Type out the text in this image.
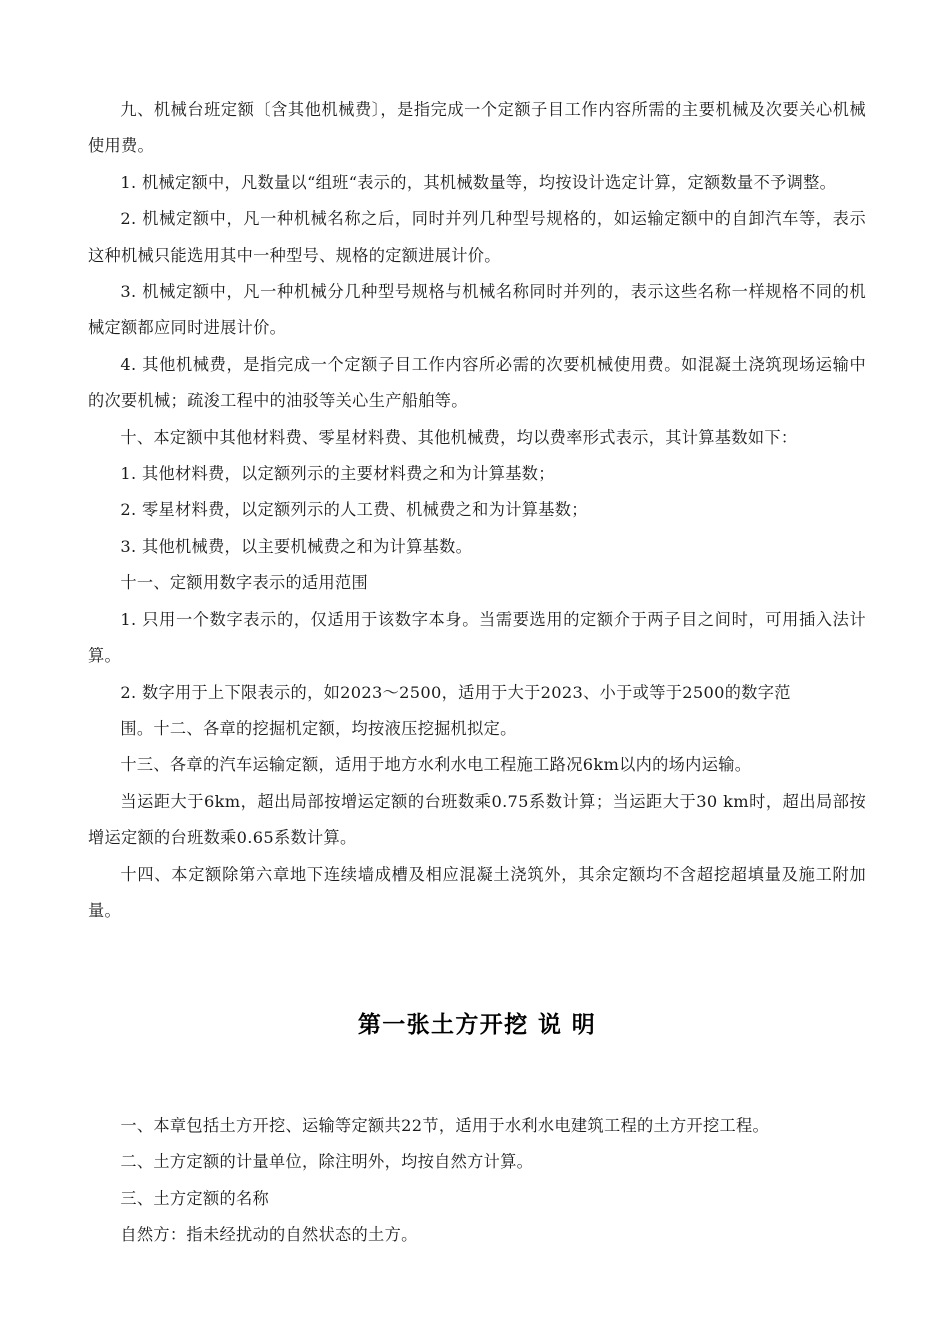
九、机械台班定额〔含其他机械费〕，是指完成一个定额子目工作内容所需的主要机械及次要关心机械使用费。

1. 机械定额中，凡数量以“组班“表示的，其机械数量等，均按设计选定计算，定额数量不予调整。

2. 机械定额中，凡一种机械名称之后，同时并列几种型号规格的，如运输定额中的自卸汽车等，表示这种机械只能选用其中一种型号、规格的定额进展计价。

3. 机械定额中，凡一种机械分几种型号规格与机械名称同时并列的，表示这些名称一样规格不同的机械定额都应同时进展计价。

4. 其他机械费，是指完成一个定额子目工作内容所必需的次要机械使用费。如混凝土浇筑现场运输中的次要机械；疏浚工程中的油驳等关心生产船舶等。

十、本定额中其他材料费、零星材料费、其他机械费，均以费率形式表示，其计算基数如下：

1. 其他材料费，以定额列示的主要材料费之和为计算基数；

2. 零星材料费，以定额列示的人工费、机械费之和为计算基数；

3. 其他机械费，以主要机械费之和为计算基数。

十一、定额用数字表示的适用范围

1. 只用一个数字表示的，仅适用于该数字本身。当需要选用的定额介于两子目之间时，可用插入法计算。

2. 数字用于上下限表示的，如2023～2500，适用于大于2023、小于或等于2500的数字范

围。十二、各章的挖掘机定额，均按液压挖掘机拟定。

十三、各章的汽车运输定额，适用于地方水利水电工程施工路况6km以内的场内运输。

当运距大于6km，超出局部按增运定额的台班数乘0.75系数计算；当运距大于30 km时，超出局部按增运定额的台班数乘0.65系数计算。

十四、本定额除第六章地下连续墙成槽及相应混凝土浇筑外，其余定额均不含超挖超填量及施工附加量。

第一张土方开挖 说 明

一、本章包括土方开挖、运输等定额共22节，适用于水利水电建筑工程的土方开挖工程。

二、土方定额的计量单位，除注明外，均按自然方计算。

三、土方定额的名称

自然方：指未经扰动的自然状态的土方。
